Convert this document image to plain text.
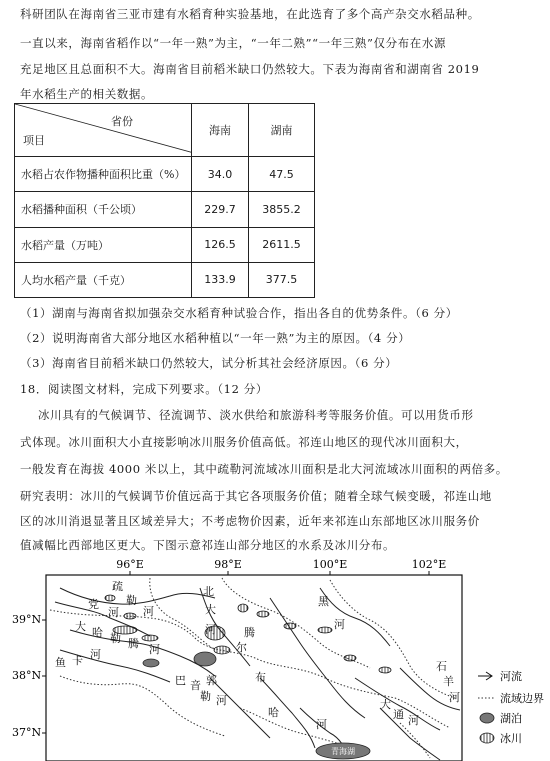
科研团队在海南省三亚市建有水稻育种实验基地，在此选育了多个高产杂交水稻品种。
一直以来，海南省稻作以“一年一熟”为主，“一年二熟”“一年三熟”仅分布在水源
充足地区且总面积不大。海南省目前稻米缺口仍然较大。下表为海南省和湖南省 2019
年水稻生产的相关数据。
省份
项目	海南	湖南
水稻占农作物播种面积比重（%）	34.0	47.5
水稻播种面积（千公顷）	229.7	3855.2
水稻产量（万吨）	126.5	2611.5
人均水稻产量（千克）	133.9	377.5
（1）湖南与海南省拟加强杂交水稻育种试验合作，指出各自的优势条件。（6 分）
（2）说明海南省大部分地区水稻种植以“一年一熟”为主的原因。（4 分）
（3）海南省目前稻米缺口仍然较大，试分析其社会经济原因。（6 分）
18．阅读图文材料，完成下列要求。（12 分）
冰川具有的气候调节、径流调节、淡水供给和旅游科考等服务价值。可以用货币形
式体现。冰川面积大小直接影响冰川服务价值高低。祁连山地区的现代冰川面积大，
一般发育在海拔 4000 米以上，其中疏勒河流域冰川面积是北大河流域冰川面积的两倍多。
研究表明：冰川的气候调节价值远高于其它各项服务价值；随着全球气候变暖，祁连山地
区的冰川消退显著且区域差异大；不考虑物价因素，近年来祁连山东部地区冰川服务价
值减幅比西部地区更大。下图示意祁连山部分地区的水系及冰川分布。
96°E	98°E	100°E	102°E
39°N
38°N
37°N
青海湖
疏
勒
河
党
河
大 哈 勒 腾 河
鱼 卡 河
北
大
河
黑
河
巴 音 郭
勒 河
布
哈
河
大
通 河
石
羊
河
尔
腾
河流
流域边界
湖泊
冰川
